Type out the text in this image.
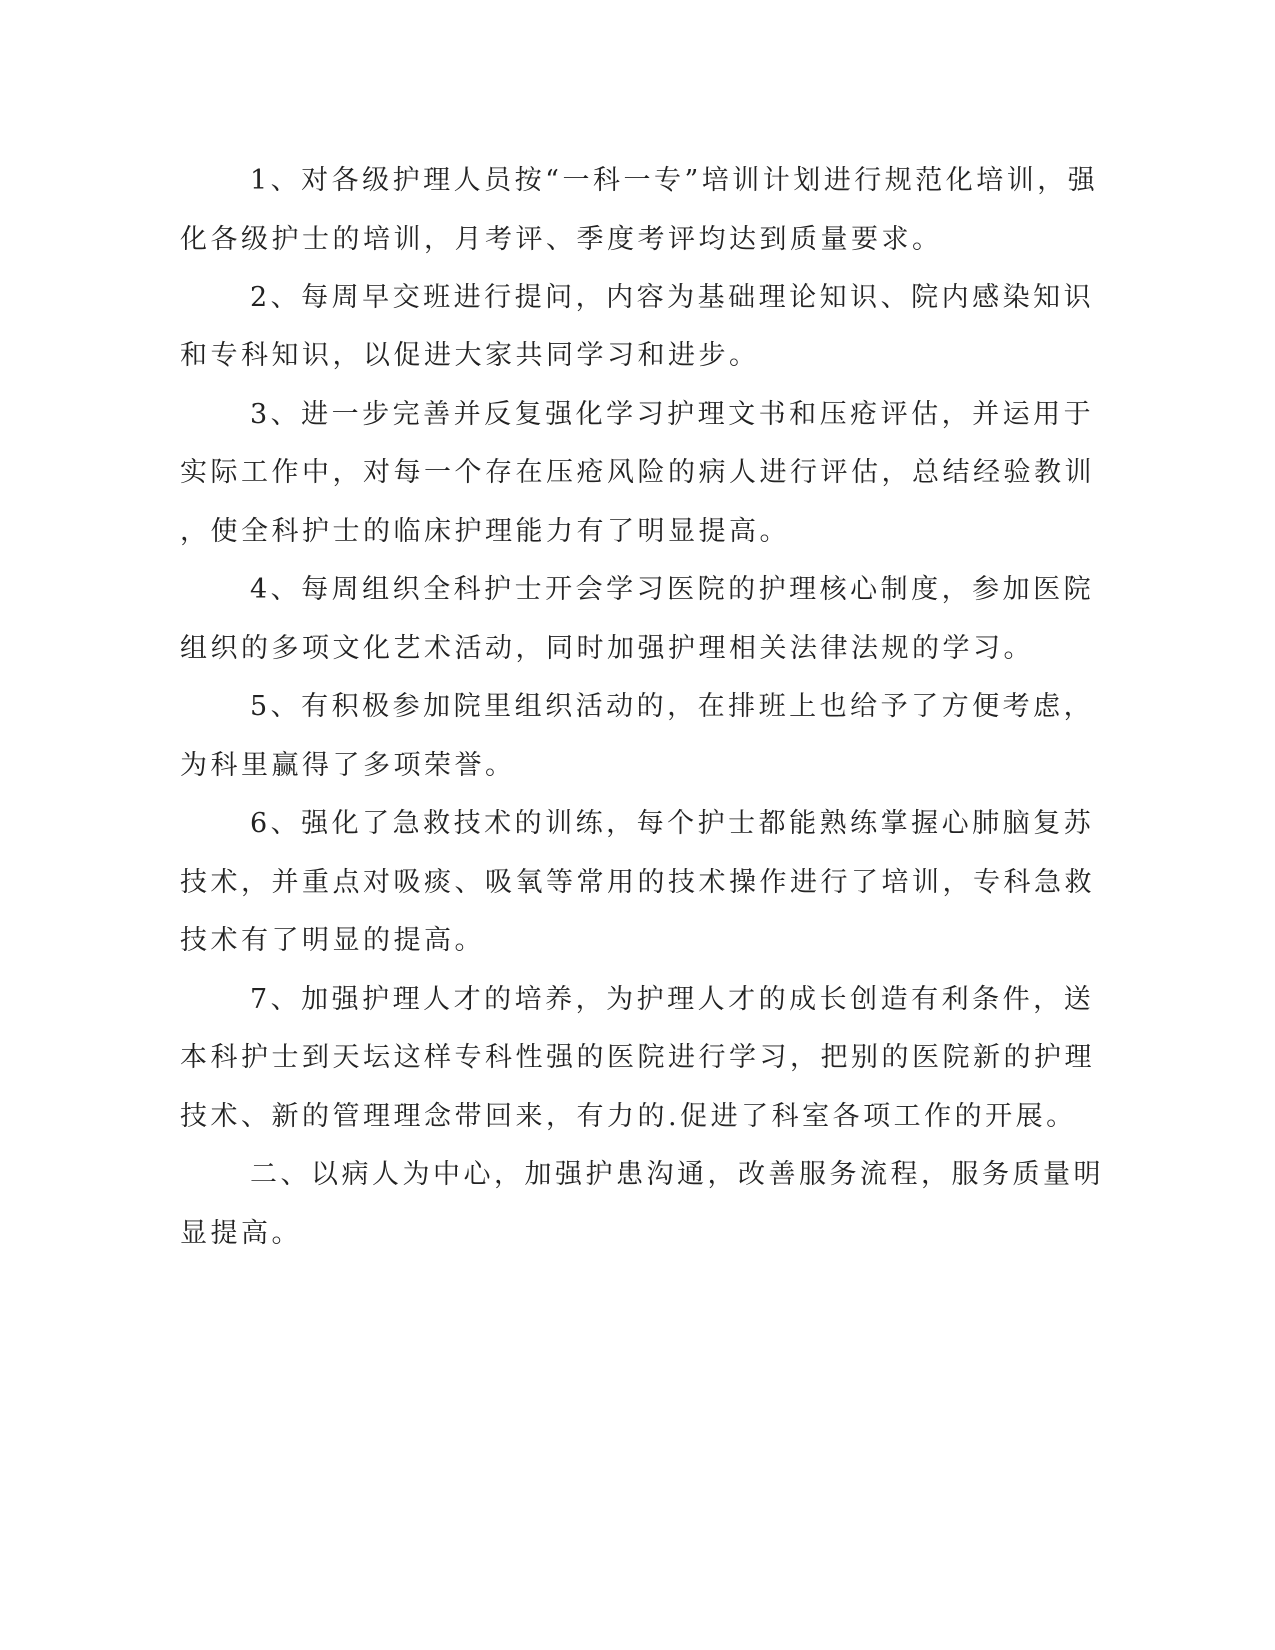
1、对各级护理人员按“一科一专”培训计划进行规范化培训，强

化各级护士的培训，月考评、季度考评均达到质量要求。

2、每周早交班进行提问，内容为基础理论知识、院内感染知识

和专科知识，以促进大家共同学习和进步。

3、进一步完善并反复强化学习护理文书和压疮评估，并运用于

实际工作中，对每一个存在压疮风险的病人进行评估，总结经验教训

，使全科护士的临床护理能力有了明显提高。

4、每周组织全科护士开会学习医院的护理核心制度，参加医院

组织的多项文化艺术活动，同时加强护理相关法律法规的学习。

5、有积极参加院里组织活动的，在排班上也给予了方便考虑，

为科里赢得了多项荣誉。

6、强化了急救技术的训练，每个护士都能熟练掌握心肺脑复苏

技术，并重点对吸痰、吸氧等常用的技术操作进行了培训，专科急救

技术有了明显的提高。

7、加强护理人才的培养，为护理人才的成长创造有利条件，送

本科护士到天坛这样专科性强的医院进行学习，把别的医院新的护理

技术、新的管理理念带回来，有力的.促进了科室各项工作的开展。

二、以病人为中心，加强护患沟通，改善服务流程，服务质量明

显提高。
